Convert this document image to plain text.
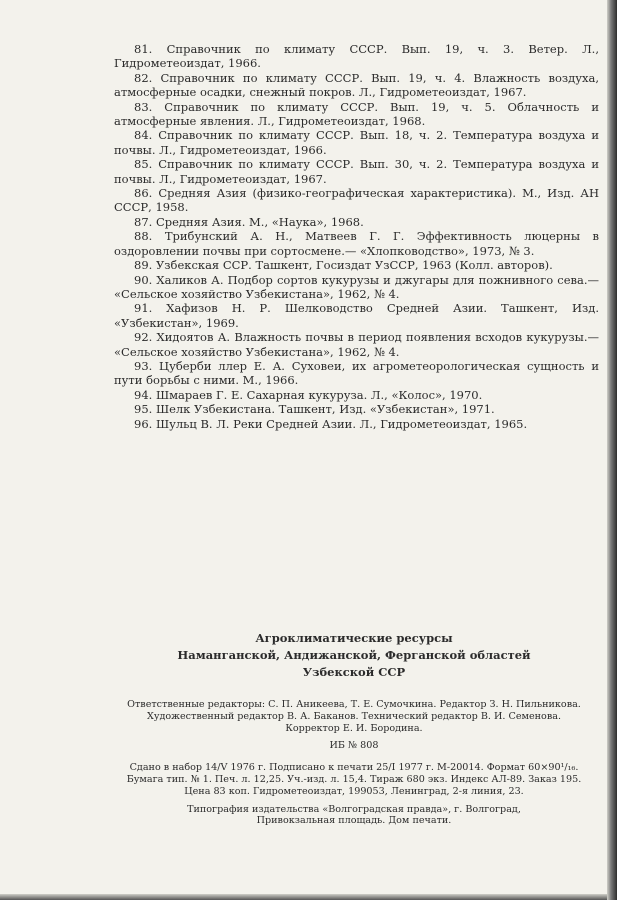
81. Справочник по климату СССР. Вып. 19, ч. 3. Ветер. Л., Гидрометеоиздат, 1966.

82. Справочник по климату СССР. Вып. 19, ч. 4. Влажность воздуха, атмосферные осадки, снежный покров. Л., Гидрометеоиздат, 1967.

83. Справочник по климату СССР. Вып. 19, ч. 5. Облачность и атмосферные явления. Л., Гидрометеоиздат, 1968.

84. Справочник по климату СССР. Вып. 18, ч. 2. Температура воздуха и почвы. Л., Гидрометеоиздат, 1966.

85. Справочник по климату СССР. Вып. 30, ч. 2. Температура воздуха и почвы. Л., Гидрометеоиздат, 1967.

86. Средняя Азия (физико-географическая характеристика). М., Изд. АН СССР, 1958.

87. Средняя Азия. М., «Наука», 1968.

88. Трибунский А. Н., Матвеев Г. Г. Эффективность люцерны в оздоровлении почвы при сортосмене.— «Хлопководство», 1973, № 3.

89. Узбекская ССР. Ташкент, Госиздат УзССР, 1963 (Колл. авторов).

90. Халиков А. Подбор сортов кукурузы и джугары для пожнивного сева.— «Сельское хозяйство Узбекистана», 1962, № 4.

91. Хафизов Н. Р. Шелководство Средней Азии. Ташкент, Изд. «Узбекистан», 1969.

92. Хидоятов А. Влажность почвы в период появления всходов кукурузы.— «Сельское хозяйство Узбекистана», 1962, № 4.

93. Цуберби ллер Е. А. Суховеи, их агрометеорологическая сущность и пути борьбы с ними. М., 1966.

94. Шмараев Г. Е. Сахарная кукуруза. Л., «Колос», 1970.

95. Шелк Узбекистана. Ташкент, Изд. «Узбекистан», 1971.

96. Шульц В. Л. Реки Средней Азии. Л., Гидрометеоиздат, 1965.

Агроклиматические ресурсы

Наманганской, Андижанской, Ферганской областей

Узбекской ССР

Ответственные редакторы: С. П. Аникеева, Т. Е. Сумочкина. Редактор З. Н. Пильникова.

Художественный редактор В. А. Баканов. Технический редактор В. И. Семенова.

Корректор Е. И. Бородина.

ИБ № 808

Сдано в набор 14/V 1976 г. Подписано к печати 25/I 1977 г. М-20014. Формат 60×90¹/₁₆.

Бумага тип. № 1. Печ. л. 12,25. Уч.-изд. л. 15,4. Тираж 680 экз. Индекс АЛ-89. Заказ 195.

Цена 83 коп. Гидрометеоиздат, 199053, Ленинград, 2-я линия, 23.

Типография издательства «Волгоградская правда», г. Волгоград,

Привокзальная площадь. Дом печати.
